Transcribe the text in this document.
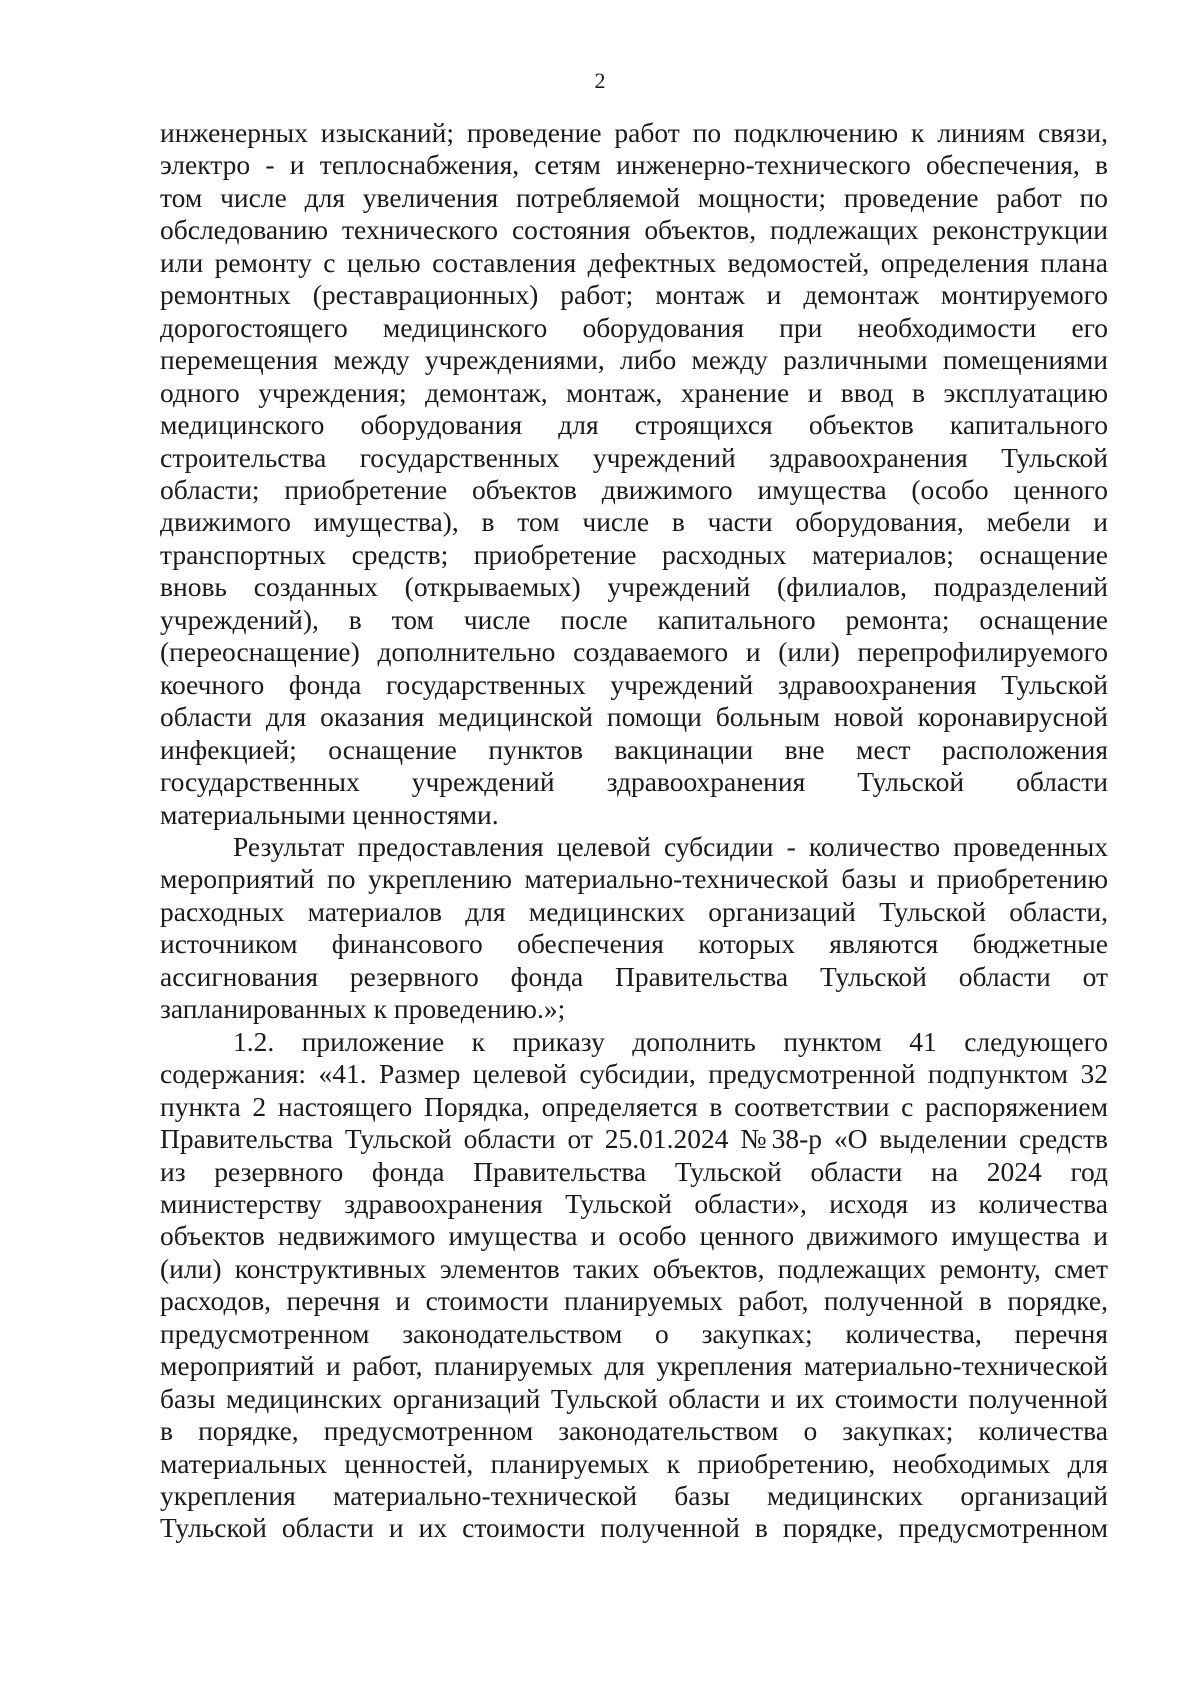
2
инженерных изысканий; проведение работ по подключению к линиям связи,
электро - и теплоснабжения, сетям инженерно-технического обеспечения, в
том числе для увеличения потребляемой мощности; проведение работ по
обследованию технического состояния объектов, подлежащих реконструкции
или ремонту с целью составления дефектных ведомостей, определения плана
ремонтных (реставрационных) работ; монтаж и демонтаж монтируемого
дорогостоящего медицинского оборудования при необходимости его
перемещения между учреждениями, либо между различными помещениями
одного учреждения; демонтаж, монтаж, хранение и ввод в эксплуатацию
медицинского оборудования для строящихся объектов капитального
строительства государственных учреждений здравоохранения Тульской
области; приобретение объектов движимого имущества (особо ценного
движимого имущества), в том числе в части оборудования, мебели и
транспортных средств; приобретение расходных материалов; оснащение
вновь созданных (открываемых) учреждений (филиалов, подразделений
учреждений), в том числе после капитального ремонта; оснащение
(переоснащение) дополнительно создаваемого и (или) перепрофилируемого
коечного фонда государственных учреждений здравоохранения Тульской
области для оказания медицинской помощи больным новой коронавирусной
инфекцией; оснащение пунктов вакцинации вне мест расположения
государственных учреждений здравоохранения Тульской области
материальными ценностями.
Результат предоставления целевой субсидии - количество проведенных
мероприятий по укреплению материально-технической базы и приобретению
расходных материалов для медицинских организаций Тульской области,
источником финансового обеспечения которых являются бюджетные
ассигнования резервного фонда Правительства Тульской области от
запланированных к проведению.»;
1.2. приложение к приказу дополнить пунктом 41 следующего
содержания: «41. Размер целевой субсидии, предусмотренной подпунктом 32
пункта 2 настоящего Порядка, определяется в соответствии с распоряжением
Правительства Тульской области от 25.01.2024 №38-р «О выделении средств
из резервного фонда Правительства Тульской области на 2024 год
министерству здравоохранения Тульской области», исходя из количества
объектов недвижимого имущества и особо ценного движимого имущества и
(или) конструктивных элементов таких объектов, подлежащих ремонту, смет
расходов, перечня и стоимости планируемых работ, полученной в порядке,
предусмотренном законодательством о закупках; количества, перечня
мероприятий и работ, планируемых для укрепления материально-технической
базы медицинских организаций Тульской области и их стоимости полученной
в порядке, предусмотренном законодательством о закупках; количества
материальных ценностей, планируемых к приобретению, необходимых для
укрепления материально-технической базы медицинских организаций
Тульской области и их стоимости полученной в порядке, предусмотренном
